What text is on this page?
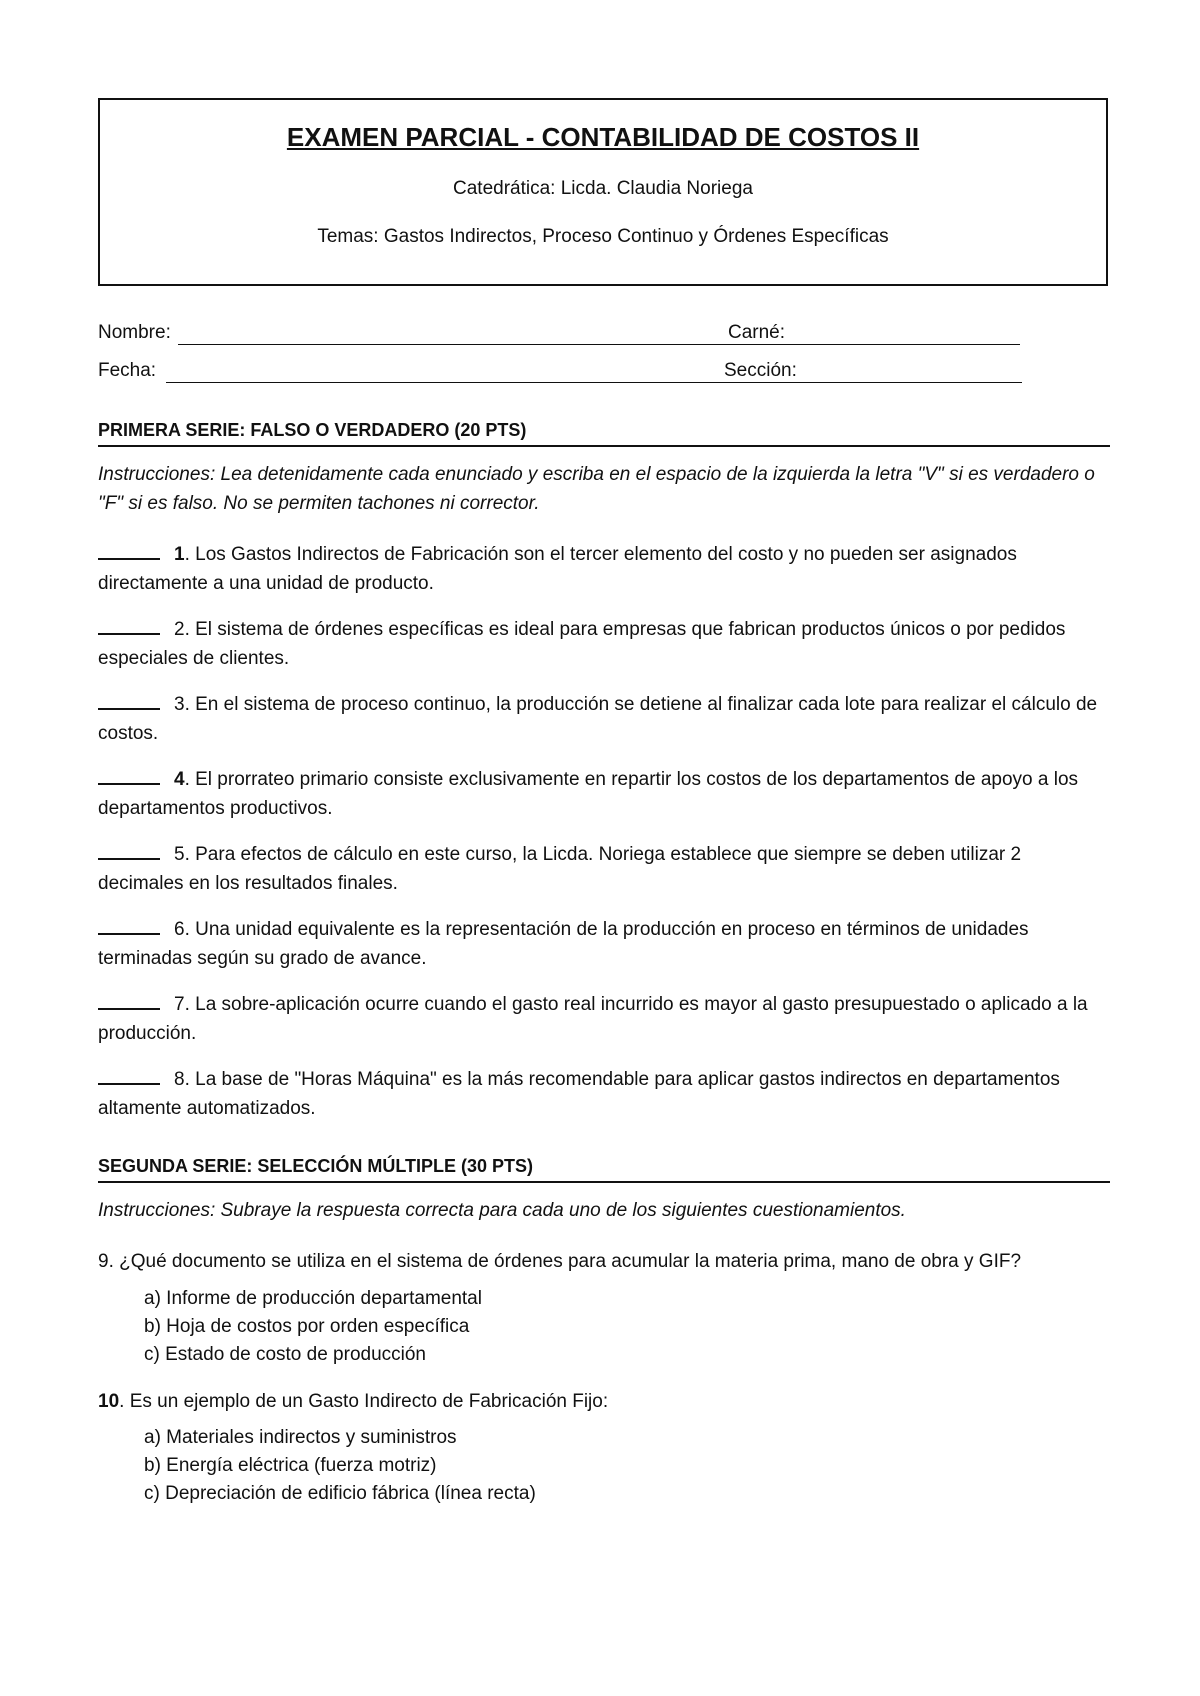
EXAMEN PARCIAL - CONTABILIDAD DE COSTOS II
Catedrática: Licda. Claudia Noriega
Temas: Gastos Indirectos, Proceso Continuo y Órdenes Específicas
Nombre:	Carné:
Fecha:	Sección:
PRIMERA SERIE: FALSO O VERDADERO (20 PTS)
Instrucciones: Lea detenidamente cada enunciado y escriba en el espacio de la izquierda la letra "V" si es verdadero o "F" si es falso. No se permiten tachones ni corrector.
1. Los Gastos Indirectos de Fabricación son el tercer elemento del costo y no pueden ser asignados directamente a una unidad de producto.
2. El sistema de órdenes específicas es ideal para empresas que fabrican productos únicos o por pedidos especiales de clientes.
3. En el sistema de proceso continuo, la producción se detiene al finalizar cada lote para realizar el cálculo de costos.
4. El prorrateo primario consiste exclusivamente en repartir los costos de los departamentos de apoyo a los departamentos productivos.
5. Para efectos de cálculo en este curso, la Licda. Noriega establece que siempre se deben utilizar 2 decimales en los resultados finales.
6. Una unidad equivalente es la representación de la producción en proceso en términos de unidades terminadas según su grado de avance.
7. La sobre-aplicación ocurre cuando el gasto real incurrido es mayor al gasto presupuestado o aplicado a la producción.
8. La base de "Horas Máquina" es la más recomendable para aplicar gastos indirectos en departamentos altamente automatizados.
SEGUNDA SERIE: SELECCIÓN MÚLTIPLE (30 PTS)
Instrucciones: Subraye la respuesta correcta para cada uno de los siguientes cuestionamientos.
9. ¿Qué documento se utiliza en el sistema de órdenes para acumular la materia prima, mano de obra y GIF?
a) Informe de producción departamental
b) Hoja de costos por orden específica
c) Estado de costo de producción
10. Es un ejemplo de un Gasto Indirecto de Fabricación Fijo:
a) Materiales indirectos y suministros
b) Energía eléctrica (fuerza motriz)
c) Depreciación de edificio fábrica (línea recta)
